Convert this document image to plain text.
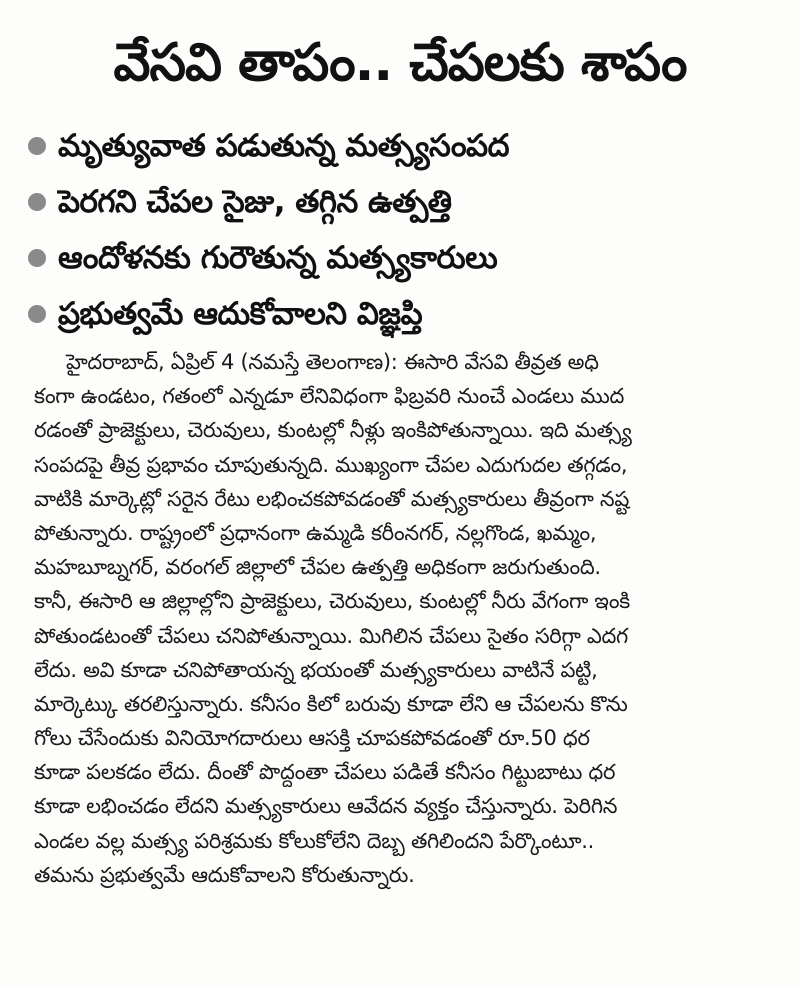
వేసవి తాపం.. చేపలకు శాపం
మృత్యువాత పడుతున్న మత్స్యసంపద
పెరగని చేపల సైజు, తగ్గిన ఉత్పత్తి
ఆందోళనకు గురౌతున్న మత్స్యకారులు
ప్రభుత్వమే ఆదుకోవాలని విజ్ఞప్తి
హైదరాబాద్, ఏప్రిల్ 4 (నమస్తే తెలంగాణ): ఈసారి వేసవి తీవ్రత అధి
కంగా ఉండటం, గతంలో ఎన్నడూ లేనివిధంగా ఫిబ్రవరి నుంచే ఎండలు ముద
రడంతో ప్రాజెక్టులు, చెరువులు, కుంటల్లో నీళ్లు ఇంకిపోతున్నాయి. ఇది మత్స్య
సంపదపై తీవ్ర ప్రభావం చూపుతున్నది. ముఖ్యంగా చేపల ఎదుగుదల తగ్గడం,
వాటికి మార్కెట్లో సరైన రేటు లభించకపోవడంతో మత్స్యకారులు తీవ్రంగా నష్ట
పోతున్నారు. రాష్ట్రంలో ప్రధానంగా ఉమ్మడి కరీంనగర్, నల్లగొండ, ఖమ్మం,
మహబూబ్నగర్, వరంగల్ జిల్లాలో చేపల ఉత్పత్తి అధికంగా జరుగుతుంది.
కానీ, ఈసారి ఆ జిల్లాల్లోని ప్రాజెక్టులు, చెరువులు, కుంటల్లో నీరు వేగంగా ఇంకి
పోతుండటంతో చేపలు చనిపోతున్నాయి. మిగిలిన చేపలు సైతం సరిగ్గా ఎదగ
లేదు. అవి కూడా చనిపోతాయన్న భయంతో మత్స్యకారులు వాటినే పట్టి,
మార్కెట్కు తరలిస్తున్నారు. కనీసం కిలో బరువు కూడా లేని ఆ చేపలను కొను
గోలు చేసేందుకు వినియోగదారులు ఆసక్తి చూపకపోవడంతో రూ.50 ధర
కూడా పలకడం లేదు. దీంతో పొద్దంతా చేపలు పడితే కనీసం గిట్టుబాటు ధర
కూడా లభించడం లేదని మత్స్యకారులు ఆవేదన వ్యక్తం చేస్తున్నారు. పెరిగిన
ఎండల వల్ల మత్స్య పరిశ్రమకు కోలుకోలేని దెబ్బ తగిలిందని పేర్కొంటూ..
తమను ప్రభుత్వమే ఆదుకోవాలని కోరుతున్నారు.
